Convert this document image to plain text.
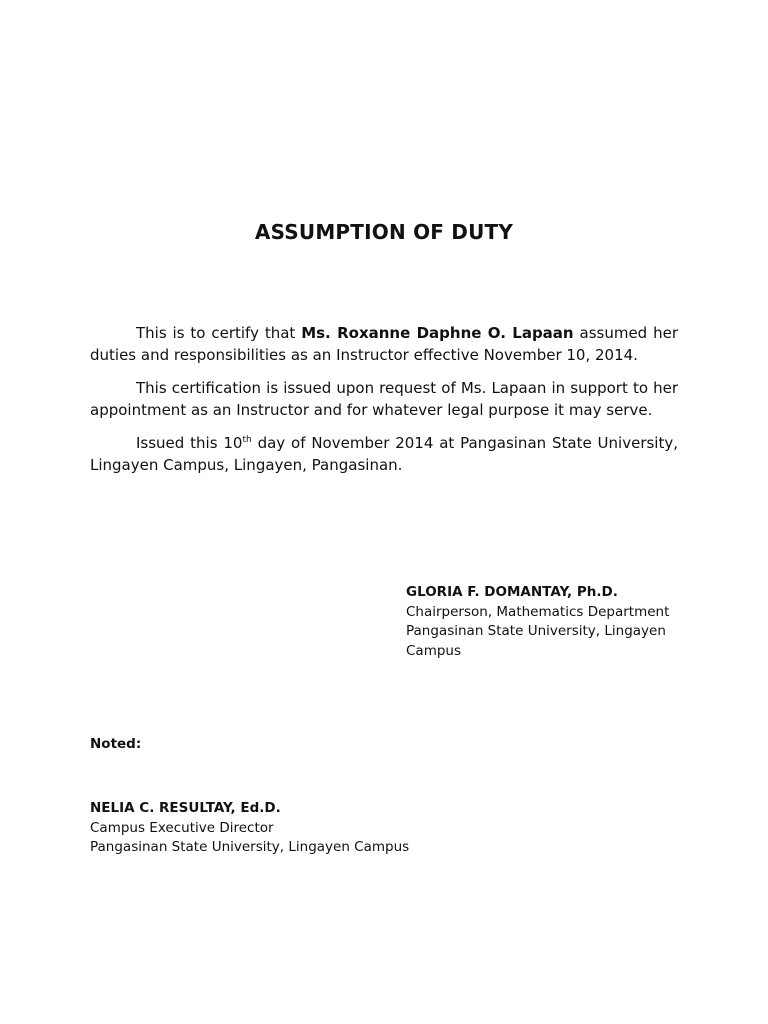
ASSUMPTION OF DUTY

This is to certify that Ms. Roxanne Daphne O. Lapaan assumed her duties and responsibilities as an Instructor effective November 10, 2014.

This certification is issued upon request of Ms. Lapaan in support to her appointment as an Instructor and for whatever legal purpose it may serve.

Issued this 10th day of November 2014 at Pangasinan State University, Lingayen Campus, Lingayen, Pangasinan.

GLORIA F. DOMANTAY, Ph.D.
Chairperson, Mathematics Department
Pangasinan State University, Lingayen Campus
Noted:
NELIA C. RESULTAY, Ed.D.
Campus Executive Director
Pangasinan State University, Lingayen Campus
